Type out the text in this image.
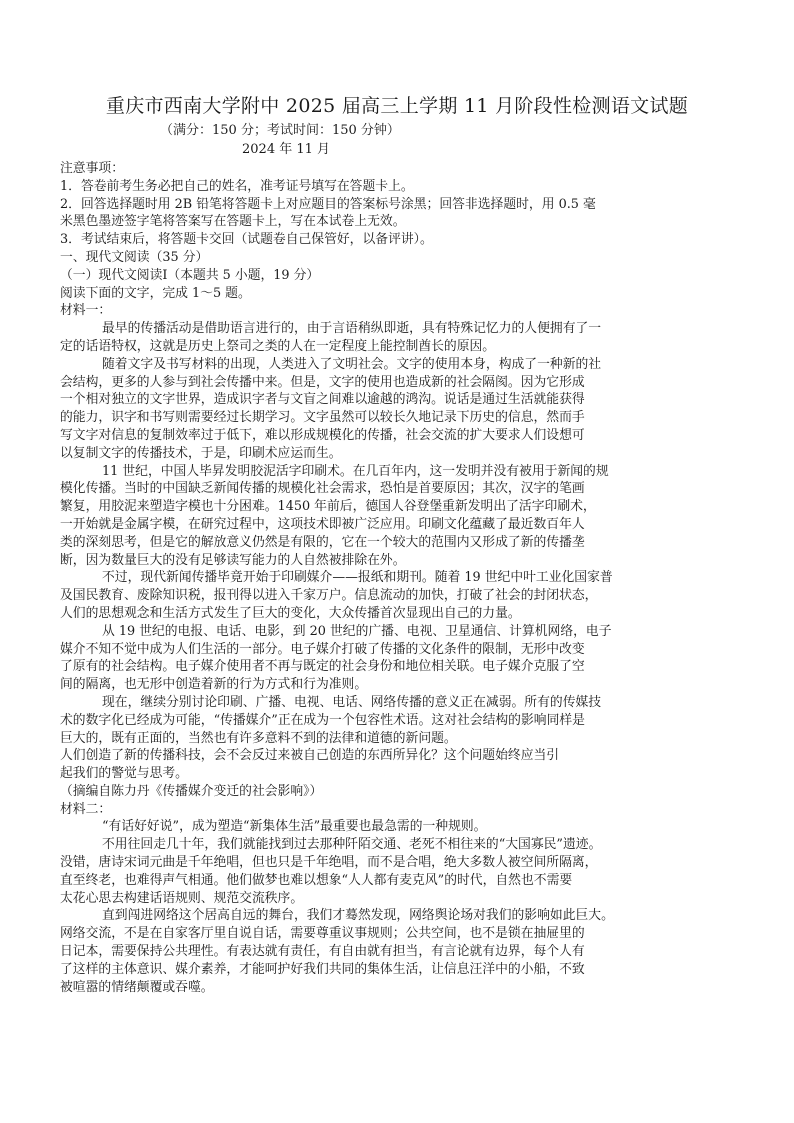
重庆市西南大学附中 2025 届高三上学期 11 月阶段性检测语文试题
（满分：150 分；考试时间：150 分钟）
2024 年 11 月
注意事项：
1．答卷前考生务必把自己的姓名，准考证号填写在答题卡上。
2．回答选择题时用 2B 铅笔将答题卡上对应题目的答案标号涂黑；回答非选择题时，用 0.5 毫
米黑色墨迹签字笔将答案写在答题卡上，写在本试卷上无效。
3．考试结束后，将答题卡交回（试题卷自己保管好，以备评讲）。
一、现代文阅读（35 分）
（一）现代文阅读Ⅰ（本题共 5 小题，19 分）
阅读下面的文字，完成 1～5 题。
材料一：
最早的传播活动是借助语言进行的，由于言语稍纵即逝，具有特殊记忆力的人便拥有了一
定的话语特权，这就是历史上祭司之类的人在一定程度上能控制酋长的原因。
随着文字及书写材料的出现，人类进入了文明社会。文字的使用本身，构成了一种新的社
会结构，更多的人参与到社会传播中来。但是，文字的使用也造成新的社会隔阂。因为它形成
一个相对独立的文字世界，造成识字者与文盲之间难以逾越的鸿沟。说话是通过生活就能获得
的能力，识字和书写则需要经过长期学习。文字虽然可以较长久地记录下历史的信息，然而手
写文字对信息的复制效率过于低下，难以形成规模化的传播，社会交流的扩大要求人们设想可
以复制文字的传播技术，于是，印刷术应运而生。
11 世纪，中国人毕昇发明胶泥活字印刷术。在几百年内，这一发明并没有被用于新闻的规
模化传播。当时的中国缺乏新闻传播的规模化社会需求，恐怕是首要原因；其次，汉字的笔画
繁复，用胶泥来塑造字模也十分困难。1450 年前后，德国人谷登堡重新发明出了活字印刷术，
一开始就是金属字模，在研究过程中，这项技术即被广泛应用。印刷文化蕴藏了最近数百年人
类的深刻思考，但是它的解放意义仍然是有限的，它在一个较大的范围内又形成了新的传播垄
断，因为数量巨大的没有足够读写能力的人自然被排除在外。
不过，现代新闻传播毕竟开始于印刷媒介——报纸和期刊。随着 19 世纪中叶工业化国家普
及国民教育、废除知识税，报刊得以进入千家万户。信息流动的加快，打破了社会的封闭状态，
人们的思想观念和生活方式发生了巨大的变化，大众传播首次显现出自己的力量。
从 19 世纪的电报、电话、电影，到 20 世纪的广播、电视、卫星通信、计算机网络，电子
媒介不知不觉中成为人们生活的一部分。电子媒介打破了传播的文化条件的限制，无形中改变
了原有的社会结构。电子媒介使用者不再与既定的社会身份和地位相关联。电子媒介克服了空
间的隔离，也无形中创造着新的行为方式和行为准则。
现在，继续分别讨论印刷、广播、电视、电话、网络传播的意义正在减弱。所有的传媒技
术的数字化已经成为可能，“传播媒介”正在成为一个包容性术语。这对社会结构的影响同样是
巨大的，既有正面的，当然也有许多意料不到的法律和道德的新问题。
人们创造了新的传播科技，会不会反过来被自己创造的东西所异化？这个问题始终应当引
起我们的警觉与思考。
（摘编自陈力丹《传播媒介变迁的社会影响》）
材料二：
“有话好好说”，成为塑造“新集体生活”最重要也最急需的一种规则。
不用往回走几十年，我们就能找到过去那种阡陌交通、老死不相往来的“大国寡民”遗迹。
没错，唐诗宋词元曲是千年绝唱，但也只是千年绝唱，而不是合唱，绝大多数人被空间所隔离，
直至终老，也难得声气相通。他们做梦也难以想象“人人都有麦克风”的时代，自然也不需要
太花心思去构建话语规则、规范交流秩序。
直到闯进网络这个居高自远的舞台，我们才蓦然发现，网络舆论场对我们的影响如此巨大。
网络交流，不是在自家客厅里自说自话，需要尊重议事规则；公共空间，也不是锁在抽屉里的
日记本，需要保持公共理性。有表达就有责任，有自由就有担当，有言论就有边界，每个人有
了这样的主体意识、媒介素养，才能呵护好我们共同的集体生活，让信息汪洋中的小船，不致
被喧嚣的情绪颠覆或吞噬。
